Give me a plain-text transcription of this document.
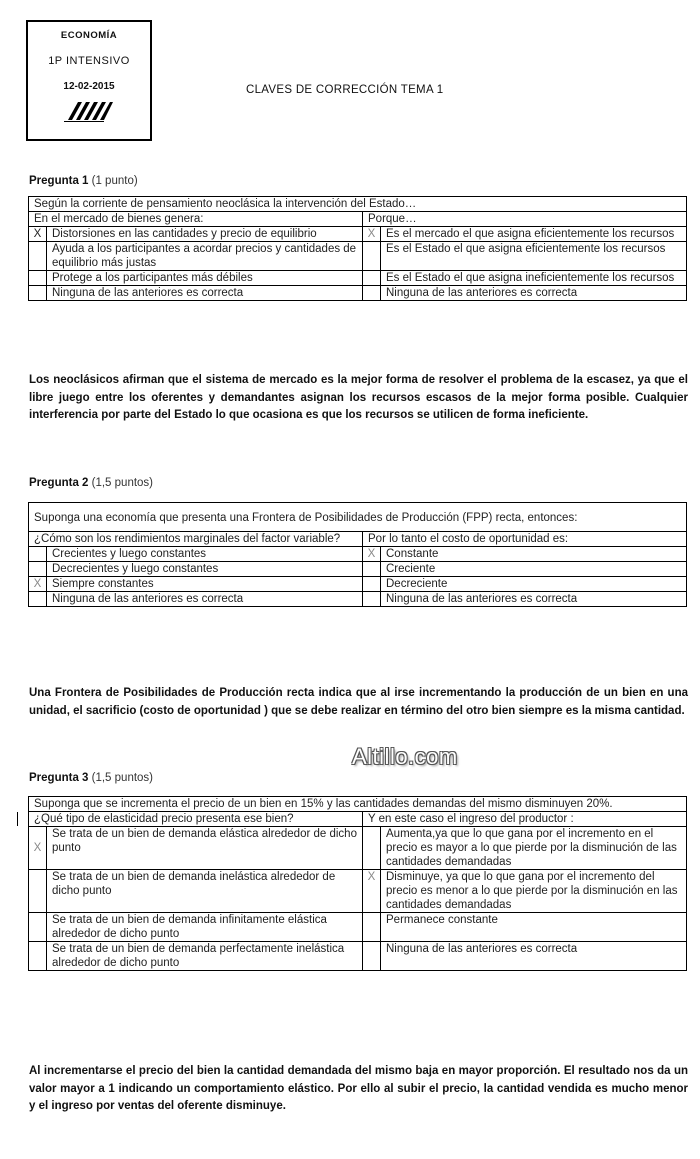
ECONOMÍA
1P INTENSIVO
12-02-2015	CLAVES DE CORRECCIÓN TEMA 1
Pregunta 1 (1 punto)
Según la corriente de pensamiento neoclásica la intervención del Estado…			
En el mercado de bienes genera:		Porque…	
X	Distorsiones en las cantidades y precio de equilibrio	X	Es el mercado el que asigna eficientemente los recursos
	Ayuda a los participantes a acordar precios y cantidades de equilibrio más justas		Es el Estado el que asigna eficientemente los recursos
	Protege a los participantes más débiles		Es el Estado el que asigna ineficientemente los recursos
	Ninguna de las anteriores es correcta		Ninguna de las anteriores es correcta
Los neoclásicos afirman que el sistema de mercado es la mejor forma de resolver el problema de la escasez, ya que el libre juego entre los oferentes y demandantes asignan los recursos escasos de la mejor forma posible. Cualquier interferencia por parte del Estado lo que ocasiona es que los recursos se utilicen de forma ineficiente.
Pregunta 2 (1,5 puntos)
Suponga una economía que presenta una Frontera de Posibilidades de Producción (FPP) recta, entonces:			
¿Cómo son los rendimientos marginales del factor variable?		Por lo tanto el costo de oportunidad es:	
	Crecientes y luego constantes	X	Constante
	Decrecientes y luego constantes		Creciente
X	Siempre constantes		Decreciente
	Ninguna de las anteriores es correcta		Ninguna de las anteriores es correcta
Una Frontera de Posibilidades de Producción recta indica que al irse incrementando la producción de un bien en una unidad, el sacrificio (costo de oportunidad ) que se debe realizar en término del otro bien siempre es la misma cantidad.
Altillo.com
Pregunta 3 (1,5 puntos)
Suponga que se incrementa el precio de un bien en 15% y las cantidades demandas del mismo disminuyen 20%.			
¿Qué tipo de elasticidad precio presenta ese bien?		Y en este caso el ingreso del productor :	
X	Se trata de un bien de demanda elástica alrededor de dicho punto		Aumenta,ya que lo que gana por el incremento en el precio es mayor a lo que pierde por la disminución de las cantidades demandadas
	Se trata de un bien de demanda inelástica alrededor de dicho punto	X	Disminuye, ya que lo que gana por el incremento del precio es menor a lo que pierde por la disminución en las cantidades demandadas
	Se trata de un bien de demanda infinitamente elástica alrededor de dicho punto		Permanece constante
	Se trata de un bien de demanda perfectamente inelástica alrededor de dicho punto		Ninguna de las anteriores es correcta
Al incrementarse el precio del bien la cantidad demandada del mismo baja en mayor proporción. El resultado nos da un valor mayor a 1 indicando un comportamiento elástico. Por ello al subir el precio, la cantidad vendida es mucho menor y el ingreso por ventas del oferente disminuye.
